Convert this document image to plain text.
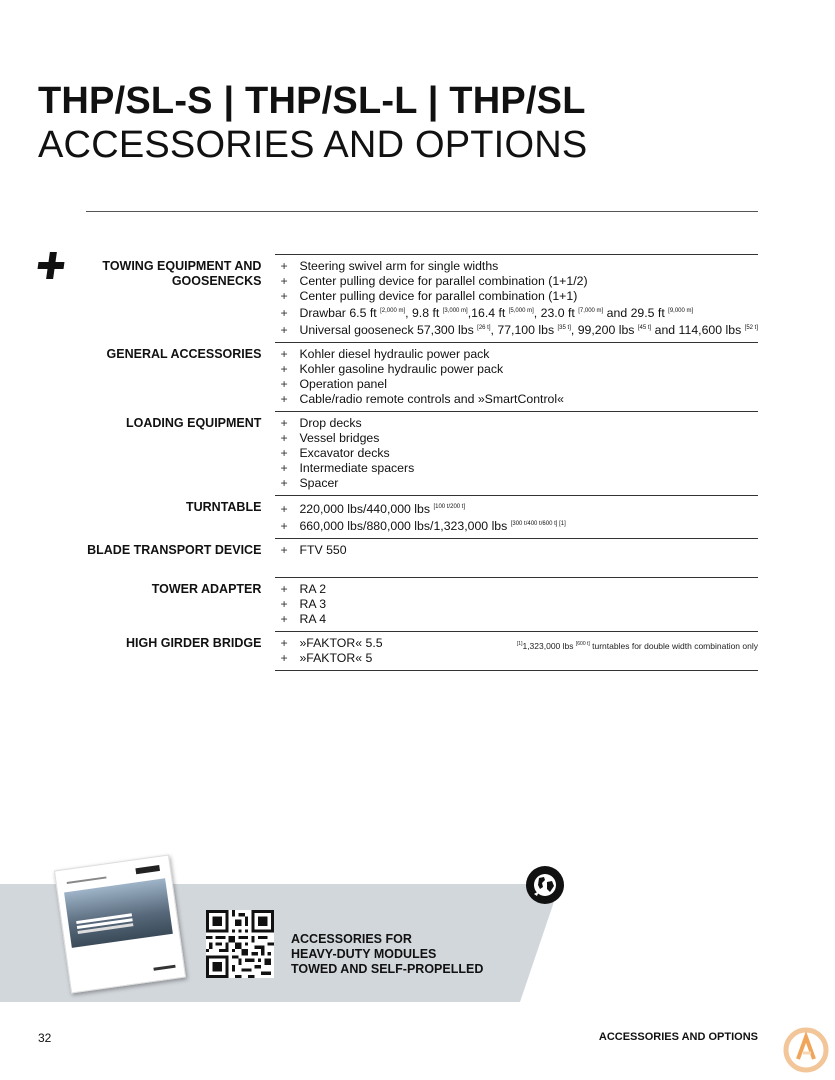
THP/SL-S | THP/SL-L | THP/SL
ACCESSORIES AND OPTIONS
TOWING EQUIPMENT AND GOOSENECKS	+ Steering swivel arm for single widths
+ Center pulling device for parallel combination (1+1/2)
+ Center pulling device for parallel combination (1+1)
+ Drawbar 6.5 ft [2,000 m], 9.8 ft [3,000 m],16.4 ft [5,000 m], 23.0 ft [7,000 m] and 29.5 ft [9,000 m]
+ Universal gooseneck 57,300 lbs [26 t], 77,100 lbs [35 t], 99,200 lbs [45 t] and 114,600 lbs [52 t]

GENERAL ACCESSORIES	+ Kohler diesel hydraulic power pack
+ Kohler gasoline hydraulic power pack
+ Operation panel
+ Cable/radio remote controls and »SmartControl«

LOADING EQUIPMENT	+ Drop decks
+ Vessel bridges
+ Excavator decks
+ Intermediate spacers
+ Spacer

TURNTABLE	+ 220,000 lbs/440,000 lbs [100 t/200 t]
+ 660,000 lbs/880,000 lbs/1,323,000 lbs [300 t/400 t/600 t] [1]

BLADE TRANSPORT DEVICE	+ FTV 550

TOWER ADAPTER	+ RA 2
+ RA 3
+ RA 4

HIGH GIRDER BRIDGE	+ »FAKTOR« 5.5
+ »FAKTOR« 5
[1]1,323,000 lbs [600 t] turntables for double width combination only
ACCESSORIES FOR
HEAVY-DUTY MODULES
TOWED AND SELF-PROPELLED
32	ACCESSORIES AND OPTIONS
